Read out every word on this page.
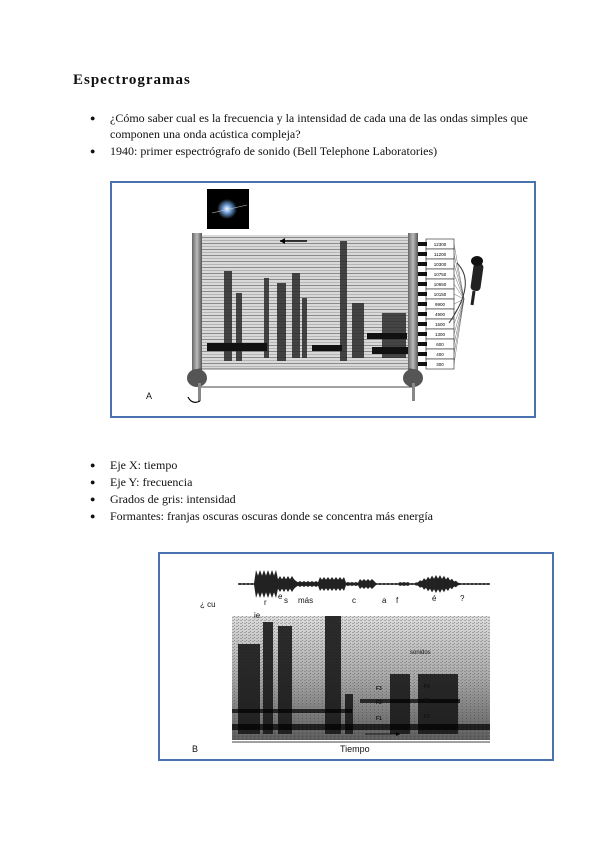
Espectrogramas
● ¿Cómo saber cual es la frecuencia y la intensidad de cada una de las ondas simples que componen una onda acústica compleja?
● 1940: primer espectrógrafo de sonido (Bell Telephone Laboratories)
12300
11200
10300
10750
10650
10150
9900
4900
1500
1300
600
400
300
A
● Eje X: tiempo
● Eje Y: frecuencia
● Grados de gris: intensidad
● Formantes: franjas oscuras oscuras donde se concentra más energía
¿ cu
ie
r
e s más	c	a f	é	?
F3
F2
F1
F3
F2
F1
sonidos
Tiempo
B
